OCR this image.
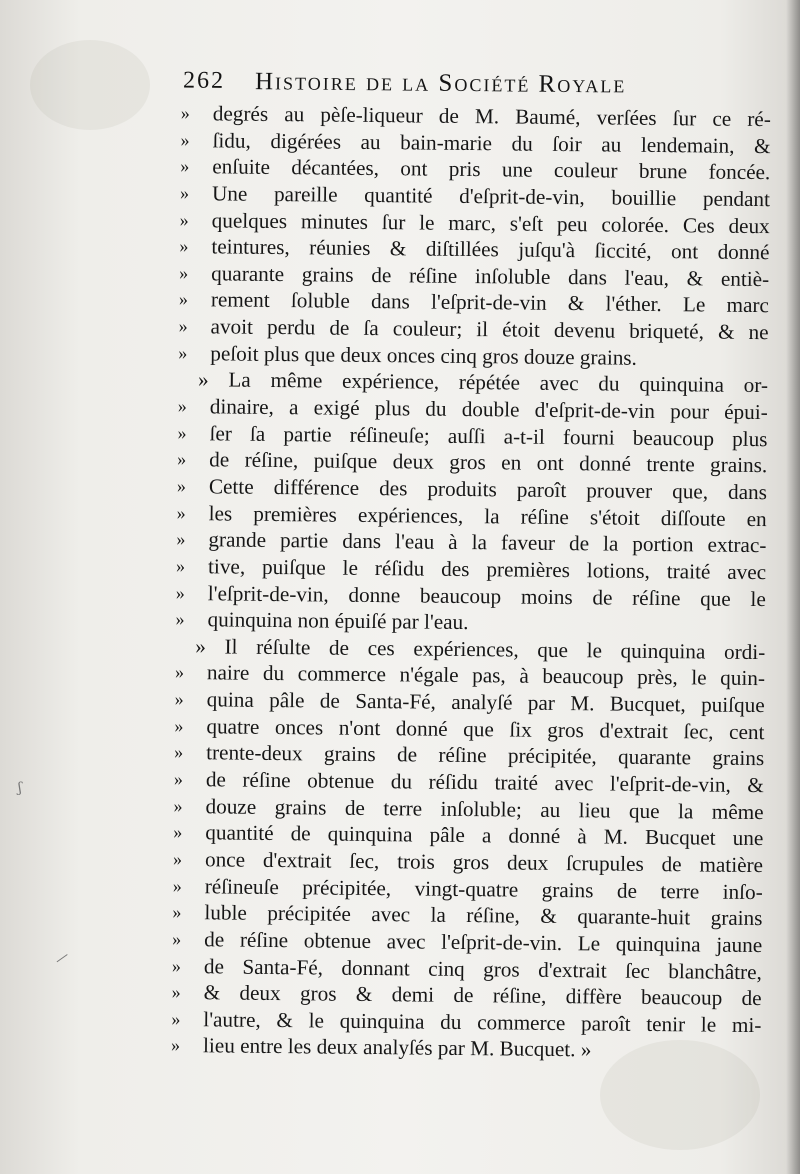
ʃ
—
262 Histoire de la Société Royale
»	degrés au pèſe-liqueur de M. Baumé, verſées ſur ce ré-
»	ſidu, digérées au bain-marie du ſoir au lendemain, &
»	enſuite décantées, ont pris une couleur brune foncée.
»	Une pareille quantité d'eſprit-de-vin, bouillie pendant
»	quelques minutes ſur le marc, s'eſt peu colorée. Ces deux
»	teintures, réunies & diſtillées juſqu'à ſiccité, ont donné
»	quarante grains de réſine inſoluble dans l'eau, & entiè-
»	rement ſoluble dans l'eſprit-de-vin & l'éther. Le marc
»	avoit perdu de ſa couleur; il étoit devenu briqueté, & ne
»	peſoit plus que deux onces cinq gros douze grains.
» La même expérience, répétée avec du quinquina or-
»	dinaire, a exigé plus du double d'eſprit-de-vin pour épui-
»	ſer ſa partie réſineuſe; auſſi a-t-il fourni beaucoup plus
»	de réſine, puiſque deux gros en ont donné trente grains.
»	Cette différence des produits paroît prouver que, dans
»	les premières expériences, la réſine s'étoit diſſoute en
»	grande partie dans l'eau à la faveur de la portion extrac-
»	tive, puiſque le réſidu des premières lotions, traité avec
»	l'eſprit-de-vin, donne beaucoup moins de réſine que le
»	quinquina non épuiſé par l'eau.
» Il réſulte de ces expériences, que le quinquina ordi-
»	naire du commerce n'égale pas, à beaucoup près, le quin-
»	quina pâle de Santa-Fé, analyſé par M. Bucquet, puiſque
»	quatre onces n'ont donné que ſix gros d'extrait ſec, cent
»	trente-deux grains de réſine précipitée, quarante grains
»	de réſine obtenue du réſidu traité avec l'eſprit-de-vin, &
»	douze grains de terre inſoluble; au lieu que la même
»	quantité de quinquina pâle a donné à M. Bucquet une
»	once d'extrait ſec, trois gros deux ſcrupules de matière
»	réſineuſe précipitée, vingt-quatre grains de terre inſo-
»	luble précipitée avec la réſine, & quarante-huit grains
»	de réſine obtenue avec l'eſprit-de-vin. Le quinquina jaune
»	de Santa-Fé, donnant cinq gros d'extrait ſec blanchâtre,
»	& deux gros & demi de réſine, diffère beaucoup de
»	l'autre, & le quinquina du commerce paroît tenir le mi-
»	lieu entre les deux analyſés par M. Bucquet. »
